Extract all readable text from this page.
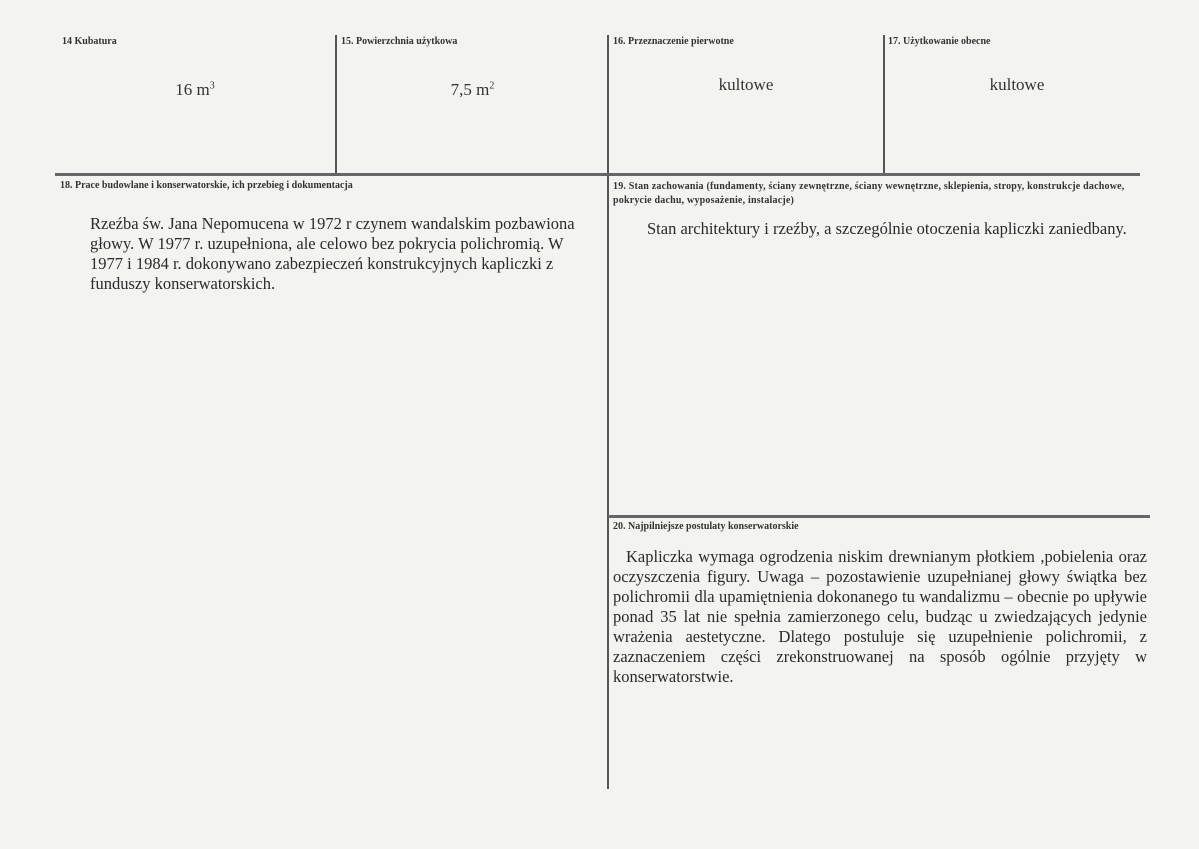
14 Kubatura
16 $m^3$
15. Powierzchnia użytkowa
7,5 $m^2$
16. Przeznaczenie pierwotne
kultowe
17. Użytkowanie obecne
kultowe
18. Prace budowlane i konserwatorskie, ich przebieg i dokumentacja
Rzeźba św. Jana Nepomucena w 1972 r czynem wandalskim pozbawiona głowy. W 1977 r. uzupełniona, ale celowo bez pokrycia polichromią. W 1977 i 1984 r. dokonywano zabezpieczeń konstrukcyjnych kapliczki z funduszy konserwatorskich.
19. Stan zachowania (fundamenty, ściany zewnętrzne, ściany wewnętrzne, sklepienia, stropy, konstrukcje dachowe, pokrycie dachu, wyposażenie, instalacje)
Stan architektury i rzeźby, a szczególnie otoczenia kapliczki zaniedbany.
20. Najpilniejsze postulaty konserwatorskie
Kapliczka wymaga ogrodzenia niskim drewnianym płotkiem ,pobielenia oraz oczyszczenia figury. Uwaga – pozostawienie uzupełnianej głowy świątka bez polichromii dla upamiętnienia dokonanego tu wandalizmu – obecnie po upływie ponad 35 lat nie spełnia zamierzonego celu, budząc u zwiedzających jedynie wrażenia aestetyczne. Dlatego postuluje się uzupełnienie polichromii, z zaznaczeniem części zrekonstruowanej na sposób ogólnie przyjęty w konserwatorstwie.
